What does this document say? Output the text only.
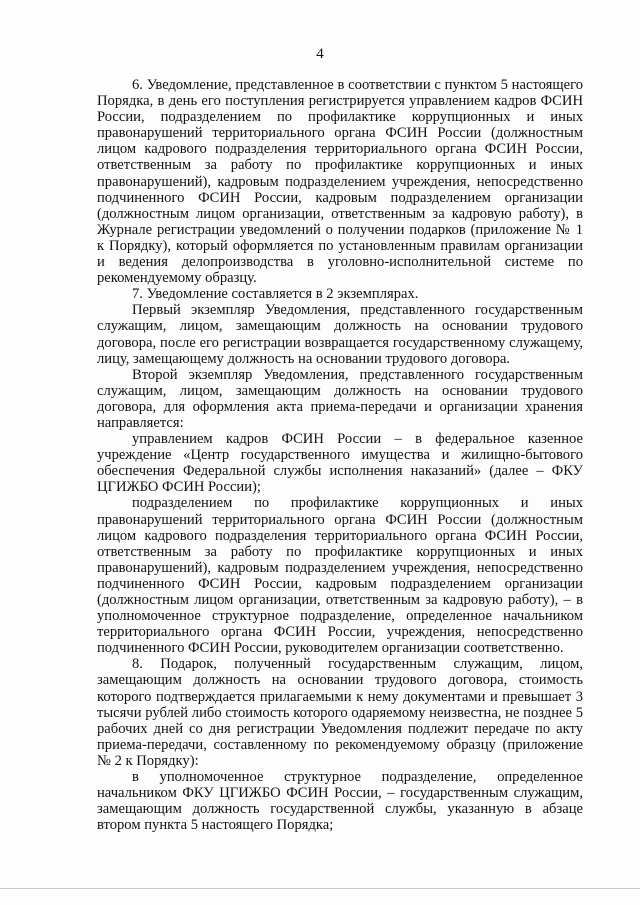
4

6. Уведомление, представленное в соответствии с пунктом 5 настоящего Порядка, в день его поступления регистрируется управлением кадров ФСИН России, подразделением по профилактике коррупционных и иных правонарушений территориального органа ФСИН России (должностным лицом кадрового подразделения территориального органа ФСИН России, ответственным за работу по профилактике коррупционных и иных правонарушений), кадровым подразделением учреждения, непосредственно подчиненного ФСИН России, кадровым подразделением организации (должностным лицом организации, ответственным за кадровую работу), в Журнале регистрации уведомлений о получении подарков (приложение № 1 к Порядку), который оформляется по установленным правилам организации и ведения делопроизводства в уголовно-исполнительной системе по рекомендуемому образцу.

7. Уведомление составляется в 2 экземплярах.

Первый экземпляр Уведомления, представленного государственным служащим, лицом, замещающим должность на основании трудового договора, после его регистрации возвращается государственному служащему, лицу, замещающему должность на основании трудового договора.

Второй экземпляр Уведомления, представленного государственным служащим, лицом, замещающим должность на основании трудового договора, для оформления акта приема-передачи и организации хранения направляется:

управлением кадров ФСИН России – в федеральное казенное учреждение «Центр государственного имущества и жилищно-бытового обеспечения Федеральной службы исполнения наказаний» (далее – ФКУ ЦГИЖБО ФСИН России);

подразделением по профилактике коррупционных и иных правонарушений территориального органа ФСИН России (должностным лицом кадрового подразделения территориального органа ФСИН России, ответственным за работу по профилактике коррупционных и иных правонарушений), кадровым подразделением учреждения, непосредственно подчиненного ФСИН России, кадровым подразделением организации (должностным лицом организации, ответственным за кадровую работу), – в уполномоченное структурное подразделение, определенное начальником территориального органа ФСИН России, учреждения, непосредственно подчиненного ФСИН России, руководителем организации соответственно.

8. Подарок, полученный государственным служащим, лицом, замещающим должность на основании трудового договора, стоимость которого подтверждается прилагаемыми к нему документами и превышает 3 тысячи рублей либо стоимость которого одаряемому неизвестна, не позднее 5 рабочих дней со дня регистрации Уведомления подлежит передаче по акту приема-передачи, составленному по рекомендуемому образцу (приложение № 2 к Порядку):

в уполномоченное структурное подразделение, определенное начальником ФКУ ЦГИЖБО ФСИН России, – государственным служащим, замещающим должность государственной службы, указанную в абзаце втором пункта 5 настоящего Порядка;
